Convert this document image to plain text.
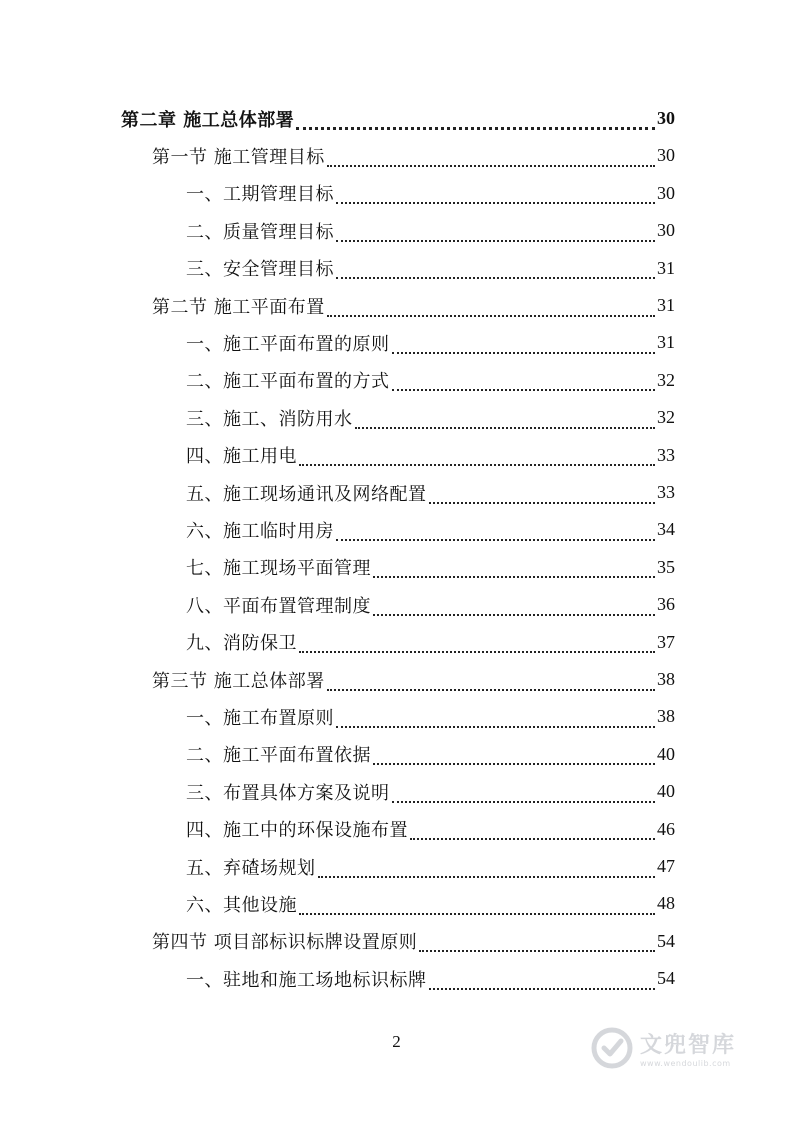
第二章 施工总体部署	30
第一节 施工管理目标	30
一、工期管理目标	30
二、质量管理目标	30
三、安全管理目标	31
第二节 施工平面布置	31
一、施工平面布置的原则	31
二、施工平面布置的方式	32
三、施工、消防用水	32
四、施工用电	33
五、施工现场通讯及网络配置	33
六、施工临时用房	34
七、施工现场平面管理	35
八、平面布置管理制度	36
九、消防保卫	37
第三节 施工总体部署	38
一、施工布置原则	38
二、施工平面布置依据	40
三、布置具体方案及说明	40
四、施工中的环保设施布置	46
五、弃碴场规划	47
六、其他设施	48
第四节 项目部标识标牌设置原则	54
一、驻地和施工场地标识标牌	54
2	文兜智库
www.wendoulib.com
